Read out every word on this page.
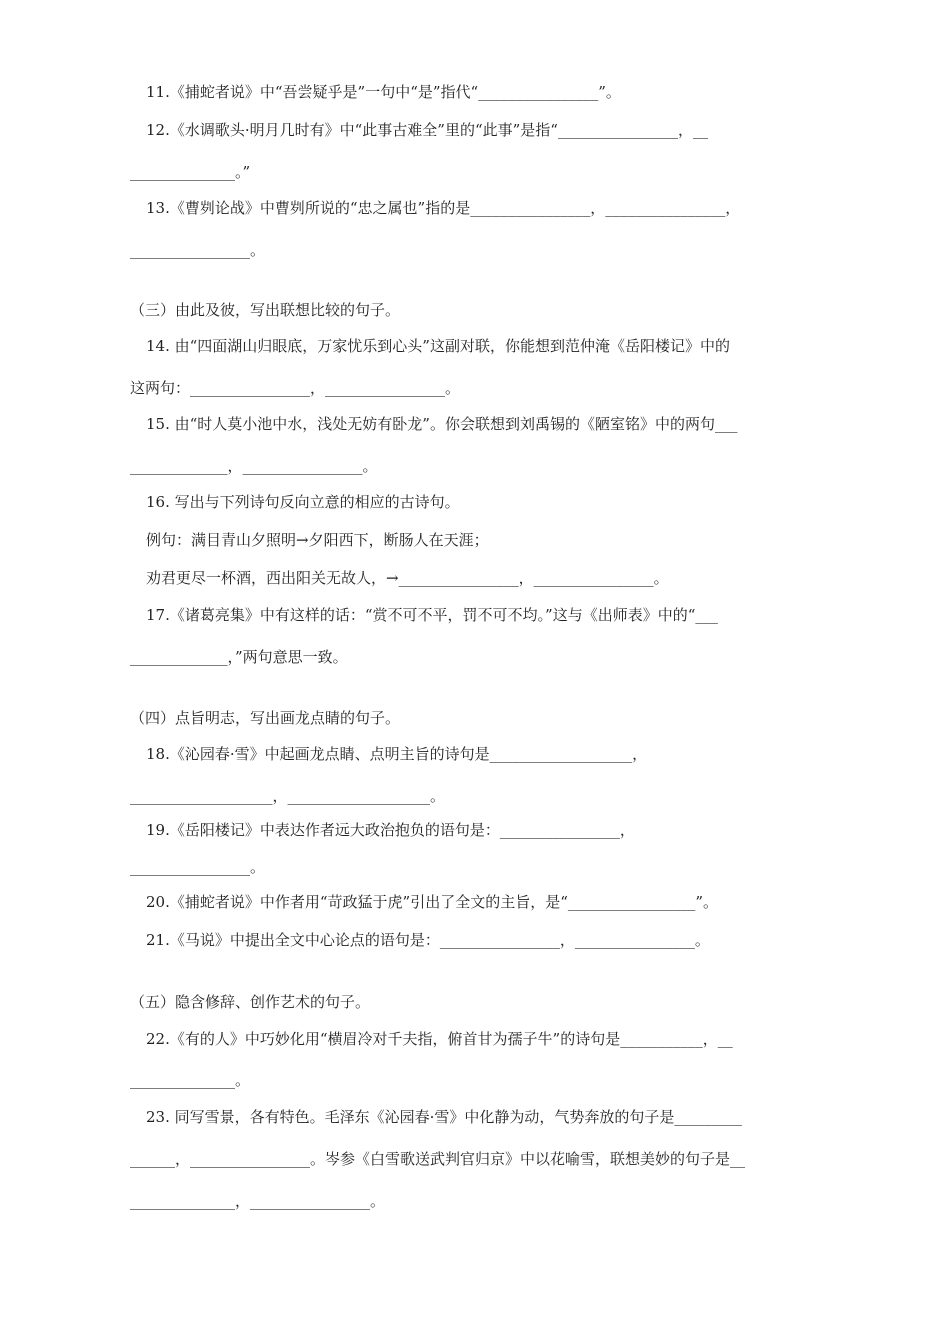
11.《捕蛇者说》中“吾尝疑乎是”一句中“是”指代“________________”。
12.《水调歌头·明月几时有》中“此事古难全”里的“此事”是指“________________，__
______________。”
13.《曹刿论战》中曹刿所说的“忠之属也”指的是________________，________________，
________________。
（三）由此及彼，写出联想比较的句子。
14. 由“四面湖山归眼底，万家忧乐到心头”这副对联，你能想到范仲淹《岳阳楼记》中的
这两句：________________，________________。
15. 由“时人莫小池中水，浅处无妨有卧龙”。你会联想到刘禹锡的《陋室铭》中的两句___
_____________，________________。
16. 写出与下列诗句反向立意的相应的古诗句。
例句：满目青山夕照明→夕阳西下，断肠人在天涯；
劝君更尽一杯酒，西出阳关无故人，→________________，________________。
17.《诸葛亮集》中有这样的话：“赏不可不平，罚不可不均。”这与《出师表》中的“___
_____________，”两句意思一致。
（四）点旨明志，写出画龙点睛的句子。
18.《沁园春·雪》中起画龙点睛、点明主旨的诗句是___________________，
___________________，___________________。
19.《岳阳楼记》中表达作者远大政治抱负的语句是：________________，
________________。
20.《捕蛇者说》中作者用“苛政猛于虎”引出了全文的主旨，是“_________________”。
21.《马说》中提出全文中心论点的语句是：________________，________________。
（五）隐含修辞、创作艺术的句子。
22.《有的人》中巧妙化用“横眉冷对千夫指，俯首甘为孺子牛”的诗句是___________，__
______________。
23. 同写雪景，各有特色。毛泽东《沁园春·雪》中化静为动，气势奔放的句子是_________
______，________________。岑参《白雪歌送武判官归京》中以花喻雪，联想美妙的句子是__
______________，________________。
